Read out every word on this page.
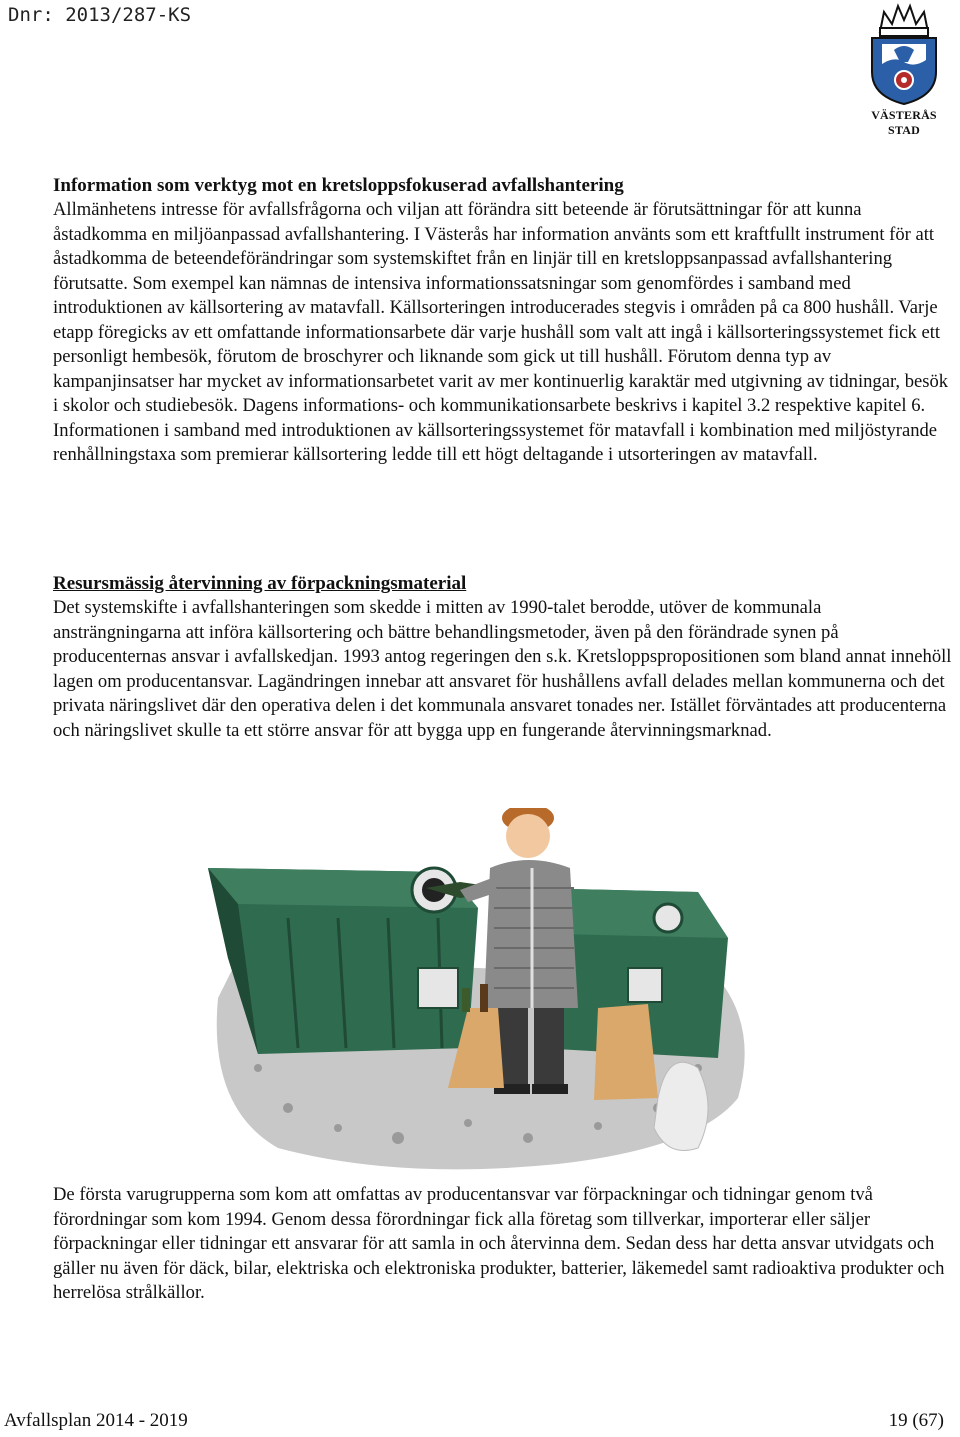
Dnr: 2013/287-KS
VÄSTERÅS STAD

Information som verktyg mot en kretsloppsfokuserad avfallshantering

Allmänhetens intresse för avfallsfrågorna och viljan att förändra sitt beteende är förutsättningar för att kunna åstadkomma en miljöanpassad avfallshantering. I Västerås har information använts som ett kraftfullt instrument för att åstadkomma de beteendeförändringar som systemskiftet från en linjär till en kretsloppsanpassad avfallshantering förutsatte. Som exempel kan nämnas de intensiva informationssatsningar som genomfördes i samband med introduktionen av källsortering av matavfall. Källsorteringen introducerades stegvis i områden på ca 800 hushåll. Varje etapp föregicks av ett omfattande informationsarbete där varje hushåll som valt att ingå i källsorteringssystemet fick ett personligt hembesök, förutom de broschyrer och liknande som gick ut till hushåll. Förutom denna typ av kampanjinsatser har mycket av informationsarbetet varit av mer kontinuerlig karaktär med utgivning av tidningar, besök i skolor och studiebesök. Dagens informations- och kommunikationsarbete beskrivs i kapitel 3.2 respektive kapitel 6. Informationen i samband med introduktionen av källsorteringssystemet för matavfall i kombination med miljöstyrande renhållningstaxa som premierar källsortering ledde till ett högt deltagande i utsorteringen av matavfall.

Resursmässig återvinning av förpackningsmaterial

Det systemskifte i avfallshanteringen som skedde i mitten av 1990-talet berodde, utöver de kommunala ansträngningarna att införa källsortering och bättre behandlingsmetoder, även på den förändrade synen på producenternas ansvar i avfallskedjan. 1993 antog regeringen den s.k. Kretsloppspropositionen som bland annat innehöll lagen om producentansvar. Lagändringen innebar att ansvaret för hushållens avfall delades mellan kommunerna och det privata näringslivet där den operativa delen i det kommunala ansvaret tonades ner. Istället förväntades att producenterna och näringslivet skulle ta ett större ansvar för att bygga upp en fungerande återvinningsmarknad.

De första varugrupperna som kom att omfattas av producentansvar var förpackningar och tidningar genom två förordningar som kom 1994. Genom dessa förordningar fick alla företag som tillverkar, importerar eller säljer förpackningar eller tidningar ett ansvarar för att samla in och återvinna dem. Sedan dess har detta ansvar utvidgats och gäller nu även för däck, bilar, elektriska och elektroniska produkter, batterier, läkemedel samt radioaktiva produkter och herrelösa strålkällor.

Avfallsplan 2014 - 2019	19 (67)
